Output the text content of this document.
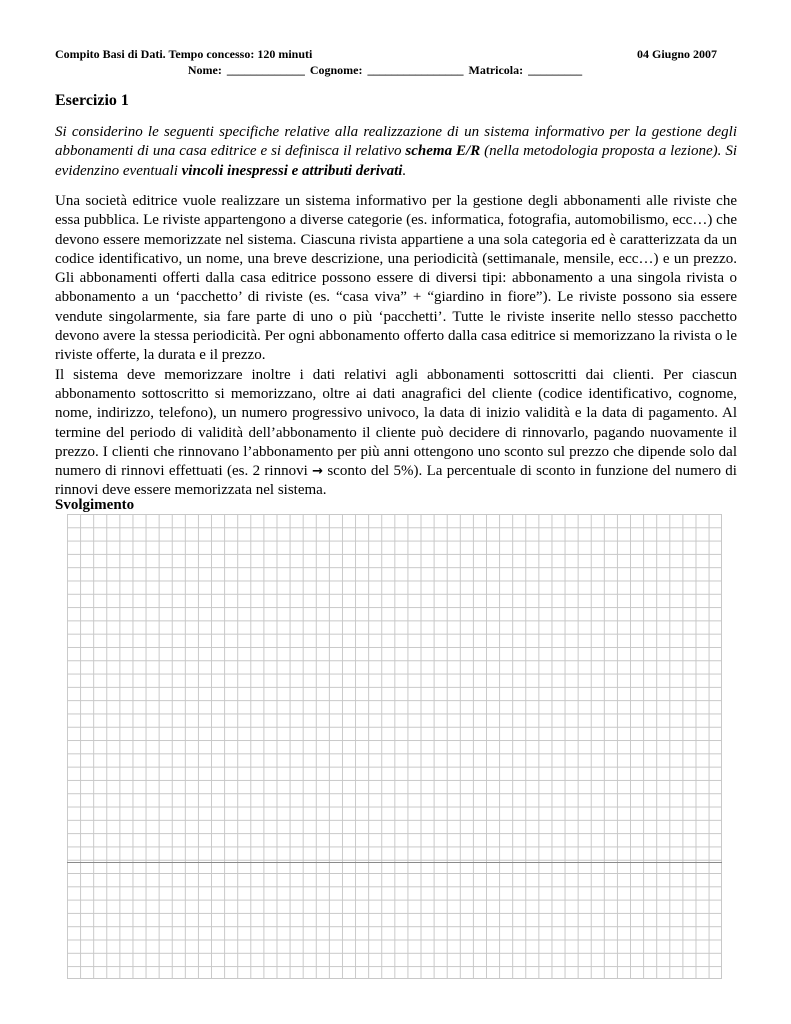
Compito Basi di Dati. Tempo concesso: 120 minuti	04 Giugno 2007
Nome: _____________ Cognome: ________________ Matricola: _________
Esercizio 1

Si considerino le seguenti specifiche relative alla realizzazione di un sistema informativo per la gestione degli abbonamenti di una casa editrice e si definisca il relativo schema E/R (nella metodologia proposta a lezione). Si evidenzino eventuali vincoli inespressi e attributi derivati.

Una società editrice vuole realizzare un sistema informativo per la gestione degli abbonamenti alle riviste che essa pubblica. Le riviste appartengono a diverse categorie (es. informatica, fotografia, automobilismo, ecc…) che devono essere memorizzate nel sistema. Ciascuna rivista appartiene a una sola categoria ed è caratterizzata da un codice identificativo, un nome, una breve descrizione, una periodicità (settimanale, mensile, ecc…) e un prezzo. Gli abbonamenti offerti dalla casa editrice possono essere di diversi tipi: abbonamento a una singola rivista o abbonamento a un ‘pacchetto’ di riviste (es. “casa viva” + “giardino in fiore”). Le riviste possono sia essere vendute singolarmente, sia fare parte di uno o più ‘pacchetti’. Tutte le riviste inserite nello stesso pacchetto devono avere la stessa periodicità. Per ogni abbonamento offerto dalla casa editrice si memorizzano la rivista o le riviste offerte, la durata e il prezzo.

Il sistema deve memorizzare inoltre i dati relativi agli abbonamenti sottoscritti dai clienti. Per ciascun abbonamento sottoscritto si memorizzano, oltre ai dati anagrafici del cliente (codice identificativo, cognome, nome, indirizzo, telefono), un numero progressivo univoco, la data di inizio validità e la data di pagamento. Al termine del periodo di validità dell’abbonamento il cliente può decidere di rinnovarlo, pagando nuovamente il prezzo. I clienti che rinnovano l’abbonamento per più anni ottengono uno sconto sul prezzo che dipende solo dal numero di rinnovi effettuati (es. 2 rinnovi → sconto del 5%). La percentuale di sconto in funzione del numero di rinnovi deve essere memorizzata nel sistema.

Svolgimento
